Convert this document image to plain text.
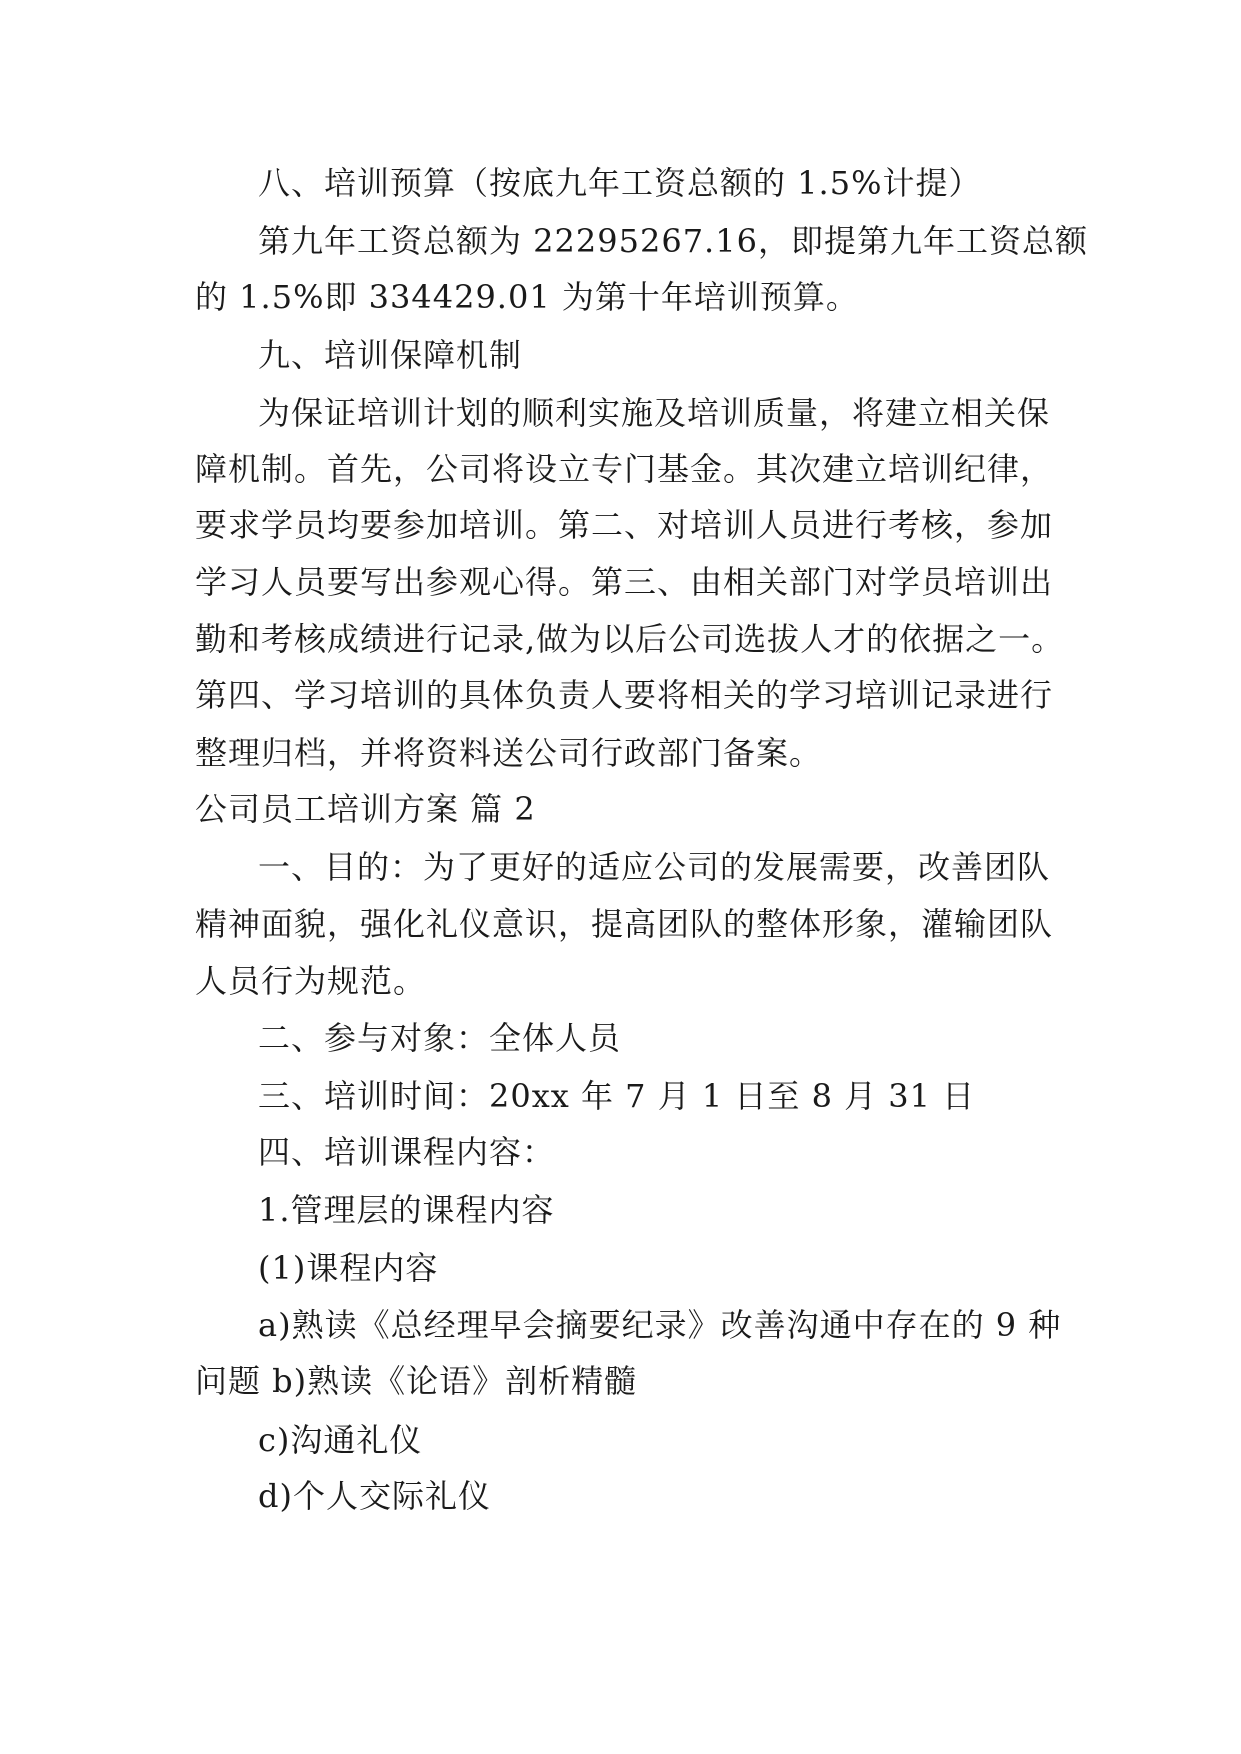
八、培训预算（按底九年工资总额的 1.5%计提）
第九年工资总额为 22295267.16，即提第九年工资总额
的 1.5%即 334429.01 为第十年培训预算。
九、培训保障机制
为保证培训计划的顺利实施及培训质量，将建立相关保
障机制。首先，公司将设立专门基金。其次建立培训纪律，
要求学员均要参加培训。第二、对培训人员进行考核，参加
学习人员要写出参观心得。第三、由相关部门对学员培训出
勤和考核成绩进行记录,做为以后公司选拔人才的依据之一。
第四、学习培训的具体负责人要将相关的学习培训记录进行
整理归档，并将资料送公司行政部门备案。
公司员工培训方案 篇 2
一、目的：为了更好的适应公司的发展需要，改善团队
精神面貌，强化礼仪意识，提高团队的整体形象，灌输团队
人员行为规范。
二、参与对象：全体人员
三、培训时间：20xx 年 7 月 1 日至 8 月 31 日
四、培训课程内容：
1.管理层的课程内容
(1)课程内容
a)熟读《总经理早会摘要纪录》改善沟通中存在的 9 种
问题 b)熟读《论语》剖析精髓
c)沟通礼仪
d)个人交际礼仪
